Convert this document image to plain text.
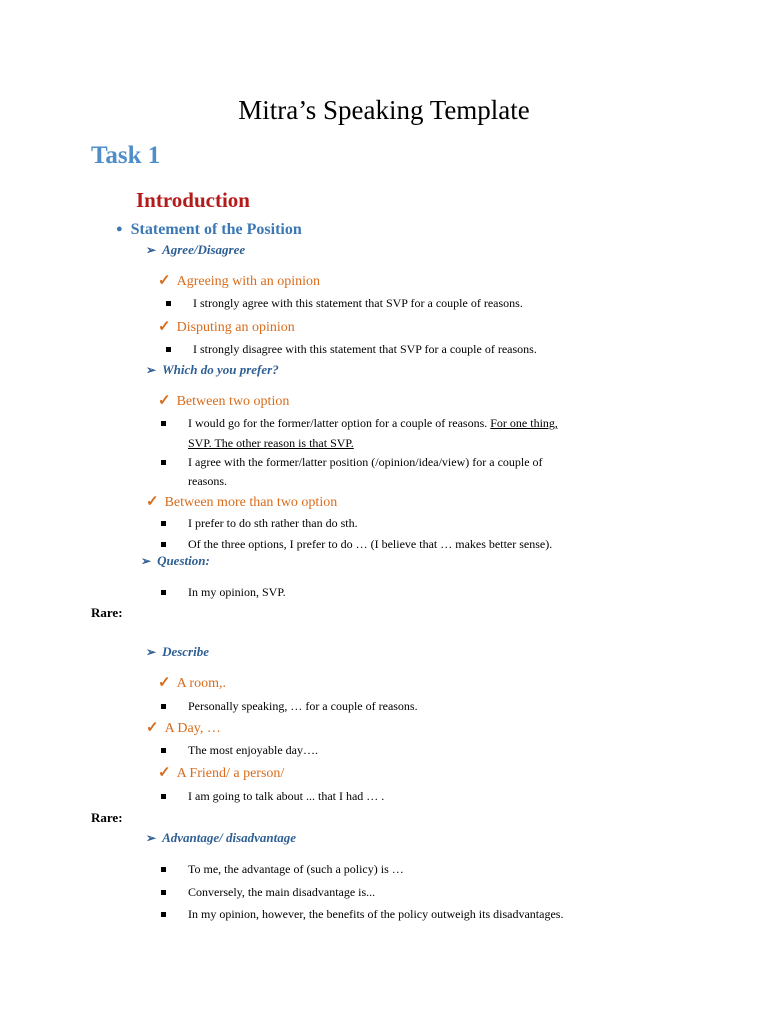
Mitra’s Speaking Template
Task 1
Introduction
● Statement of the Position
➢ Agree/Disagree
✓ Agreeing with an opinion
I strongly agree with this statement that SVP for a couple of reasons.
✓ Disputing an opinion
I strongly disagree with this statement that SVP for a couple of reasons.
➢ Which do you prefer?
✓ Between two option
I would go for the former/latter option for a couple of reasons. For one thing,
SVP. The other reason is that SVP.
I agree with the former/latter position (/opinion/idea/view) for a couple of
reasons.
✓ Between more than two option
I prefer to do sth rather than do sth.
Of the three options, I prefer to do … (I believe that … makes better sense).
➢ Question:
In my opinion, SVP.
Rare:
➢ Describe
✓ A room,.
Personally speaking, … for a couple of reasons.
✓ A Day, …
The most enjoyable day….
✓ A Friend/ a person/
I am going to talk about ... that I had … .
Rare:
➢ Advantage/ disadvantage
To me, the advantage of (such a policy) is …
Conversely, the main disadvantage is...
In my opinion, however, the benefits of the policy outweigh its disadvantages.
